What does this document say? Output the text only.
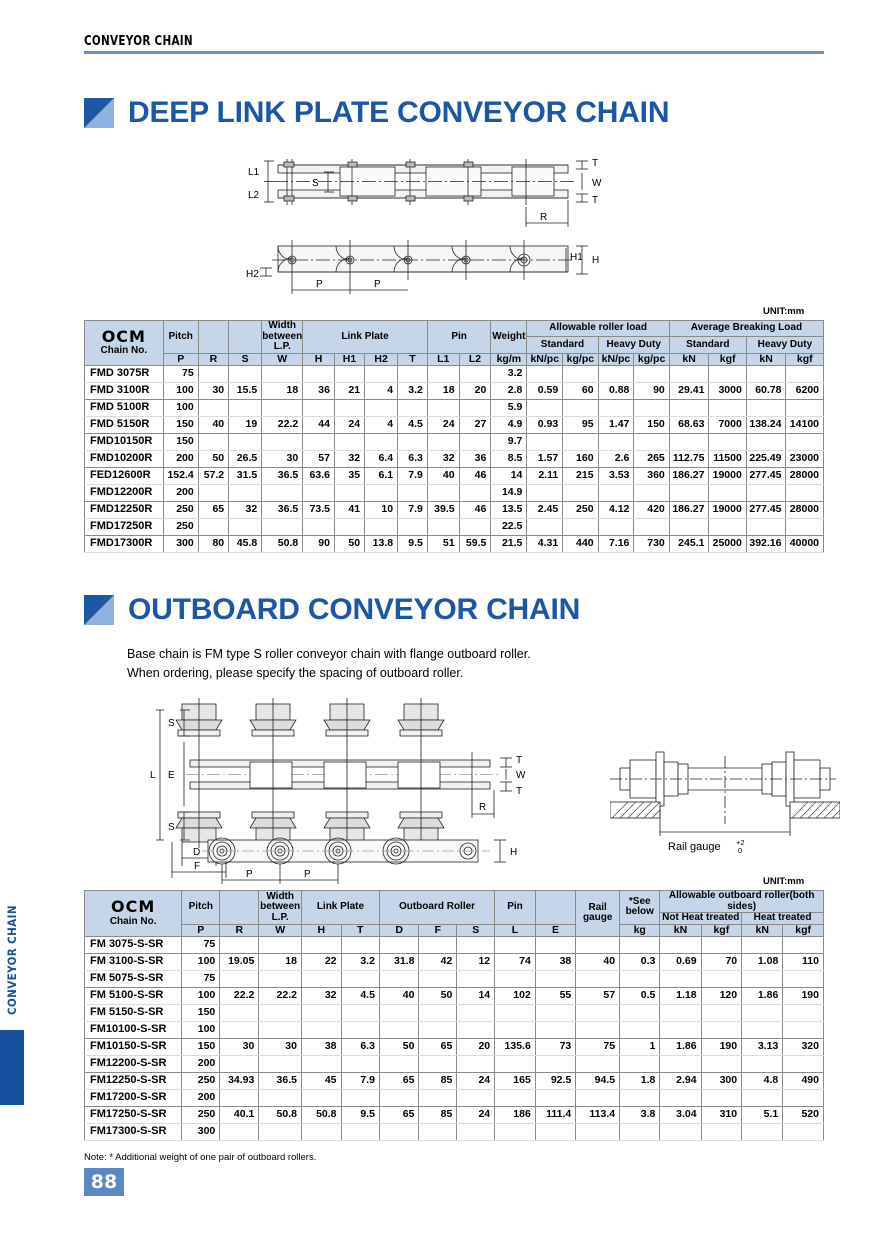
CONVEYOR CHAIN
CONVEYOR CHAIN
DEEP LINK PLATE CONVEYOR CHAIN
L1
L2
S
T
W
T
R
H2
H1 H
P	P
UNIT:mm
OCM
Chain No.
	Pitch			Width
between
L.P.	Link Plate	Pin	Weight	Allowable roller load	Average Breaking Load
												Standard		Heavy Duty		Standard		Heavy Duty	
	P	R	S	W	H	H1	H2	T	L1	L2	kg/m	kN/pc	kg/pc	kN/pc	kg/pc	kN	kgf	kN	kgf
FMD 3075R	75										3.2								
FMD 3100R	100	30	15.5	18	36	21	4	3.2	18	20	2.8	0.59	60	0.88	90	29.41	3000	60.78	6200
FMD 5100R	100										5.9								
FMD 5150R	150	40	19	22.2	44	24	4	4.5	24	27	4.9	0.93	95	1.47	150	68.63	7000	138.24	14100
FMD10150R	150										9.7								
FMD10200R	200	50	26.5	30	57	32	6.4	6.3	32	36	8.5	1.57	160	2.6	265	112.75	11500	225.49	23000
FED12600R	152.4	57.2	31.5	36.5	63.6	35	6.1	7.9	40	46	14	2.11	215	3.53	360	186.27	19000	277.45	28000
FMD12200R	200										14.9								
FMD12250R	250	65	32	36.5	73.5	41	10	7.9	39.5	46	13.5	2.45	250	4.12	420	186.27	19000	277.45	28000
FMD17250R	250										22.5								
FMD17300R	300	80	45.8	50.8	90	50	13.8	9.5	51	59.5	21.5	4.31	440	7.16	730	245.1	25000	392.16	40000
OUTBOARD CONVEYOR CHAIN
Base chain is FM type S roller conveyor chain with flange outboard roller.
When ordering, please specify the spacing of outboard roller.
S
L E
S
D
F
T
W
T
R
P	P
H	Rail gauge +2
0
UNIT:mm
OCM
Chain No.
	Pitch		Width
between
L.P.	Link Plate	Outboard Roller	Pin		Rail gauge	*See
below	Allowable outboard roller(both sides)
													Not Heat treated		Heat treated	
	P	R	W	H	T	D	F	S	L	E		kg	kN	kgf	kN	kgf
FM 3075-S-SR	75															
FM 3100-S-SR	100	19.05	18	22	3.2	31.8	42	12	74	38	40	0.3	0.69	70	1.08	110
FM 5075-S-SR	75															
FM 5100-S-SR	100	22.2	22.2	32	4.5	40	50	14	102	55	57	0.5	1.18	120	1.86	190
FM 5150-S-SR	150															
FM10100-S-SR	100															
FM10150-S-SR	150	30	30	38	6.3	50	65	20	135.6	73	75	1	1.86	190	3.13	320
FM12200-S-SR	200															
FM12250-S-SR	250	34.93	36.5	45	7.9	65	85	24	165	92.5	94.5	1.8	2.94	300	4.8	490
FM17200-S-SR	200															
FM17250-S-SR	250	40.1	50.8	50.8	9.5	65	85	24	186	111.4	113.4	3.8	3.04	310	5.1	520
FM17300-S-SR	300															
Note: * Additional weight of one pair of outboard rollers.
88
